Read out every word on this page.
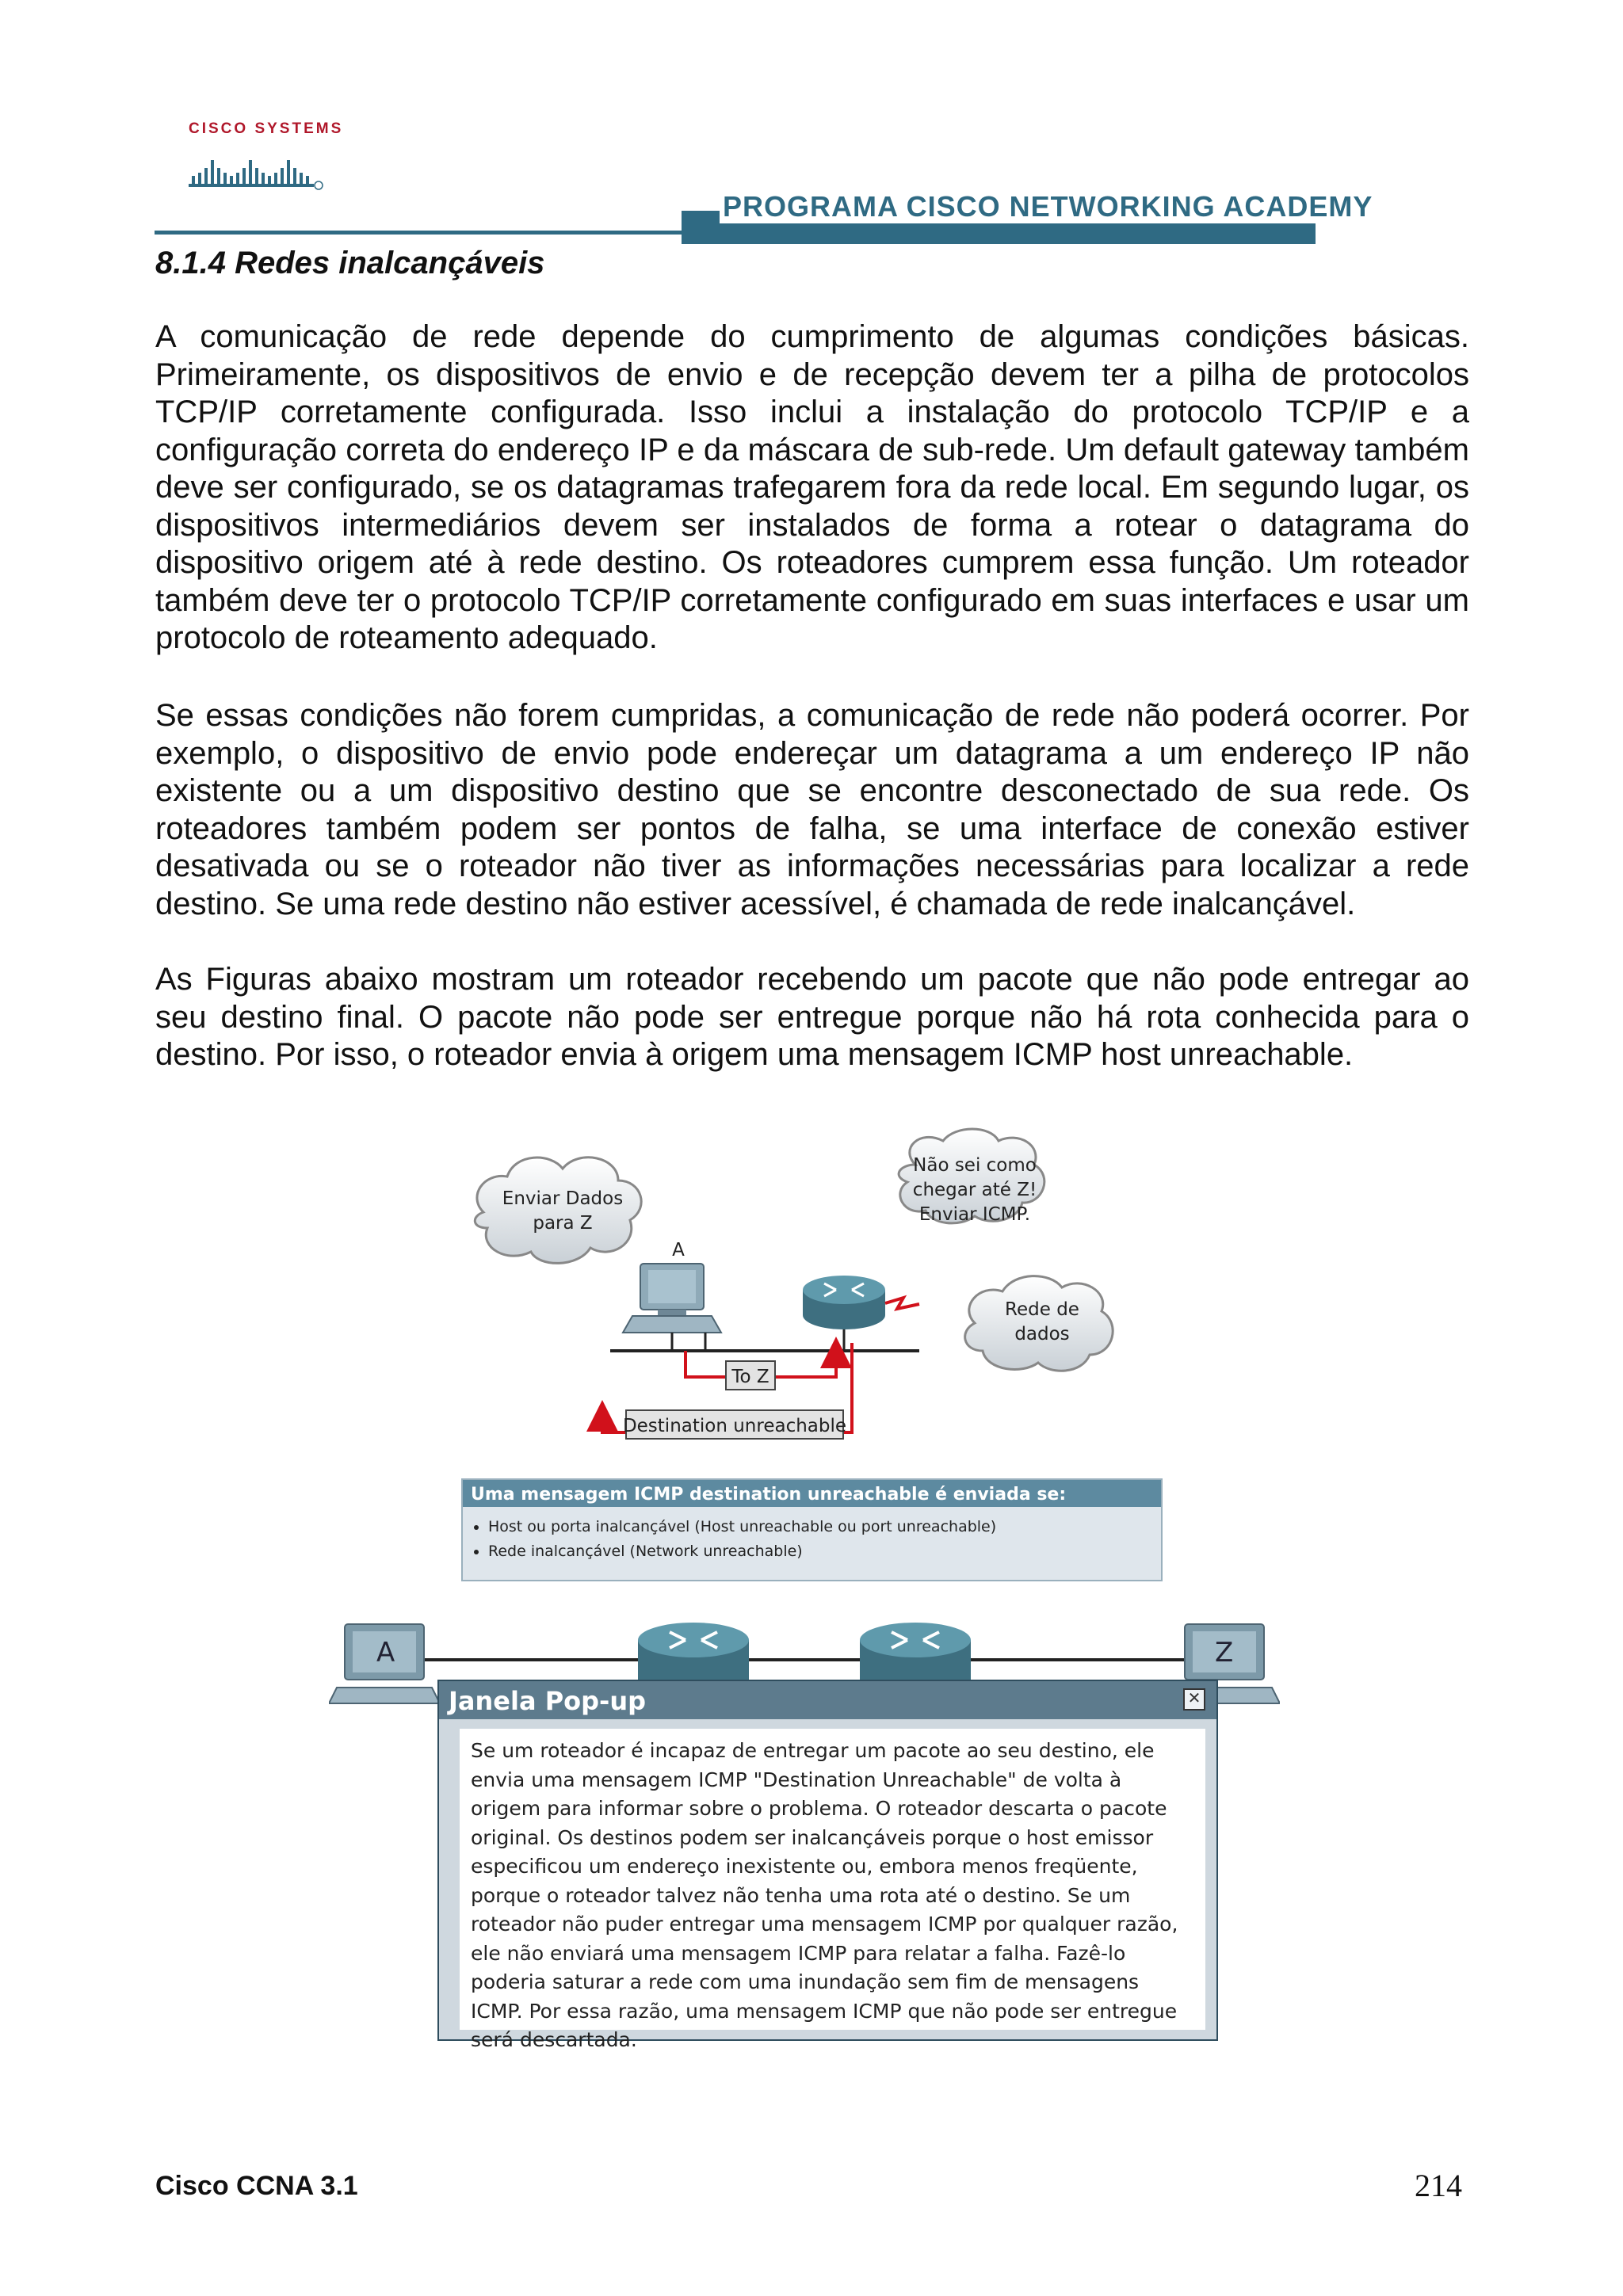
CISCO SYSTEMS
PROGRAMA CISCO NETWORKING ACADEMY
8.1.4 Redes inalcançáveis

A comunicação de rede depende do cumprimento de algumas condições básicas. Primeiramente, os dispositivos de envio e de recepção devem ter a pilha de protocolos TCP/IP corretamente configurada. Isso inclui a instalação do protocolo TCP/IP e a configuração correta do endereço IP e da máscara de sub-rede. Um default gateway também deve ser configurado, se os datagramas trafegarem fora da rede local. Em segundo lugar, os dispositivos intermediários devem ser instalados de forma a rotear o datagrama do dispositivo origem até à rede destino. Os roteadores cumprem essa função. Um roteador também deve ter o protocolo TCP/IP corretamente configurado em suas interfaces e usar um protocolo de roteamento adequado.

Se essas condições não forem cumpridas, a comunicação de rede não poderá ocorrer. Por exemplo, o dispositivo de envio pode endereçar um datagrama a um endereço IP não existente ou a um dispositivo destino que se encontre desconectado de sua rede. Os roteadores também podem ser pontos de falha, se uma interface de conexão estiver desativada ou se o roteador não tiver as informações necessárias para localizar a rede destino. Se uma rede destino não estiver acessível, é chamada de rede inalcançável.

As Figuras abaixo mostram um roteador recebendo um pacote que não pode entregar ao seu destino final. O pacote não pode ser entregue porque não há rota conhecida para o destino. Por isso, o roteador envia à origem uma mensagem ICMP host unreachable.

Enviar Dados
para Z
Não sei como
chegar até Z!
Enviar ICMP.
Rede de
dados
A
To Z
Destination unreachable
Uma mensagem ICMP destination unreachable é enviada se:
• Host ou porta inalcançável (Host unreachable ou port unreachable)
• Rede inalcançável (Network unreachable)
A	Z
Janela Pop-up	✕
Se um roteador é incapaz de entregar um pacote ao seu destino, ele envia uma mensagem ICMP "Destination Unreachable" de volta à origem para informar sobre o problema. O roteador descarta o pacote original. Os destinos podem ser inalcançáveis porque o host emissor especificou um endereço inexistente ou, embora menos freqüente, porque o roteador talvez não tenha uma rota até o destino. Se um roteador não puder entregar uma mensagem ICMP por qualquer razão, ele não enviará uma mensagem ICMP para relatar a falha. Fazê-lo poderia saturar a rede com uma inundação sem fim de mensagens ICMP. Por essa razão, uma mensagem ICMP que não pode ser entregue será descartada.
Cisco CCNA 3.1	214
